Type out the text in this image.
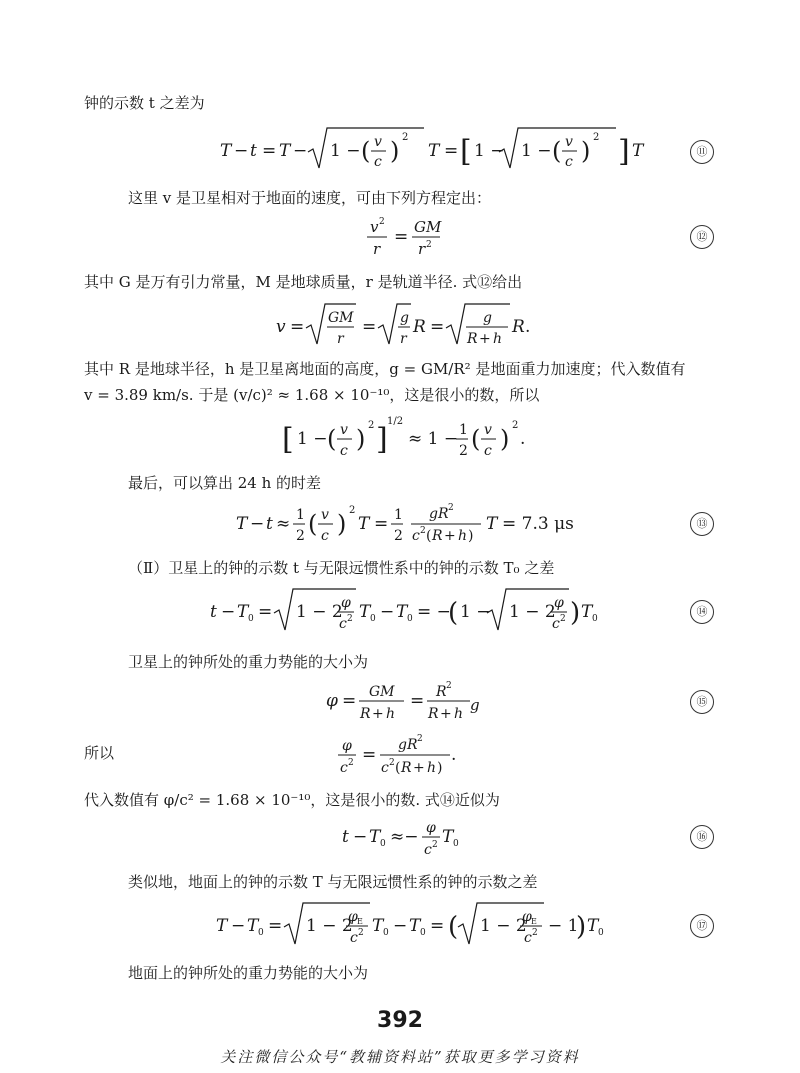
钟的示数 t 之差为
T − t = T − 1 − ( v
c ) 2
T = [ 1 − 1 − ( v
c ) 2 ] T	⑪
这里 v 是卫星相对于地面的速度，可由下列方程定出：
v 2
r
= GM
r 2
⑫
其中 G 是万有引力常量，M 是地球质量，r 是轨道半径. 式⑫给出
v = GM
r
= g
r
R =	g
R + h
R .
其中 R 是地球半径，h 是卫星离地面的高度，g = GM/R² 是地面重力加速度；代入数值有
v = 3.89 km/s. 于是 (v/c)² ≈ 1.68 × 10⁻¹⁰，这是很小的数，所以
[ 1 − ( v
c ) 2 ]
1/2
≈ 1 − 1
2 ( v
c ) 2
.
最后，可以算出 24 h 的时差
T − t ≈ 1
2 ( v
c ) 2
T = 1
2
gR 2
c 2 ( R + h )
T = 7.3 μs	⑬
（Ⅱ）卫星上的钟的示数 t 与无限远惯性系中的钟的示数 T₀ 之差
t − T 0 = 1 − 2
φ
c 2 T 0 − T 0 = −
( 1 − 1 − 2
φ
c 2 ) T 0
⑭
卫星上的钟所处的重力势能的大小为
φ = GM
R + h
= R 2
R + h g	⑮
所以	φ
c 2 = gR 2
c 2 ( R + h )
.
代入数值有 φ/c² = 1.68 × 10⁻¹⁰，这是很小的数. 式⑭近似为
t − T 0 ≈− φ
c 2 T 0
⑯
类似地，地面上的钟的示数 T 与无限远惯性系的钟的示数之差
T − T 0 = 1 − 2
φ E
c 2 T 0 − T 0 = ( 1 − 2
φ E
c 2 − 1
) T 0
⑰
地面上的钟所处的重力势能的大小为
392
关注微信公众号“教辅资料站”获取更多学习资料
